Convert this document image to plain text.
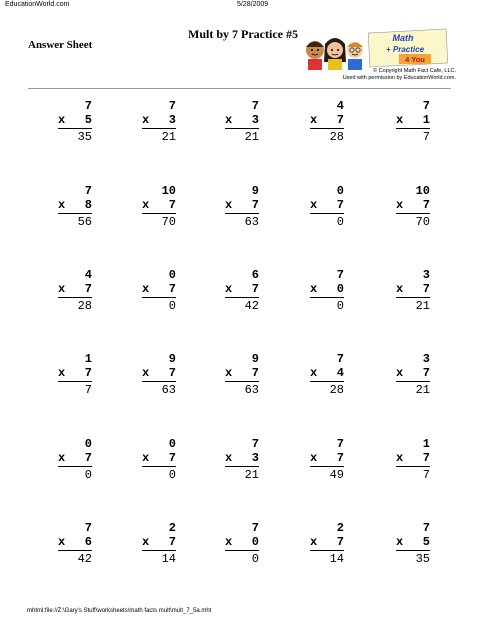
EducationWorld.com	5/28/2009
Mult by 7 Practice #5
Answer Sheet
Math
+ Practice
4 You
© Copyright Math Fact Cafe, LLC.
Used with permission by EducationWorld.com.
7
x 5
35
7
x 3
21
7
x 3
21
4
x 7
28
7
x 1
7
7
x 8
56
10
x 7
70
9
x 7
63
0
x 7
0
10
x 7
70
4
x 7
28
0
x 7
0
6
x 7
42
7
x 0
0
3
x 7
21
1
x 7
7
9
x 7
63
9
x 7
63
7
x 4
28
3
x 7
21
0
x 7
0
0
x 7
0
7
x 3
21
7
x 7
49
1
x 7
7
7
x 6
42
2
x 7
14
7
x 0
0
2
x 7
14
7
x 5
35
mhtml:file://Z:\Gary's Stuff\worksheets\math facts mult\mult_7_5a.mht
